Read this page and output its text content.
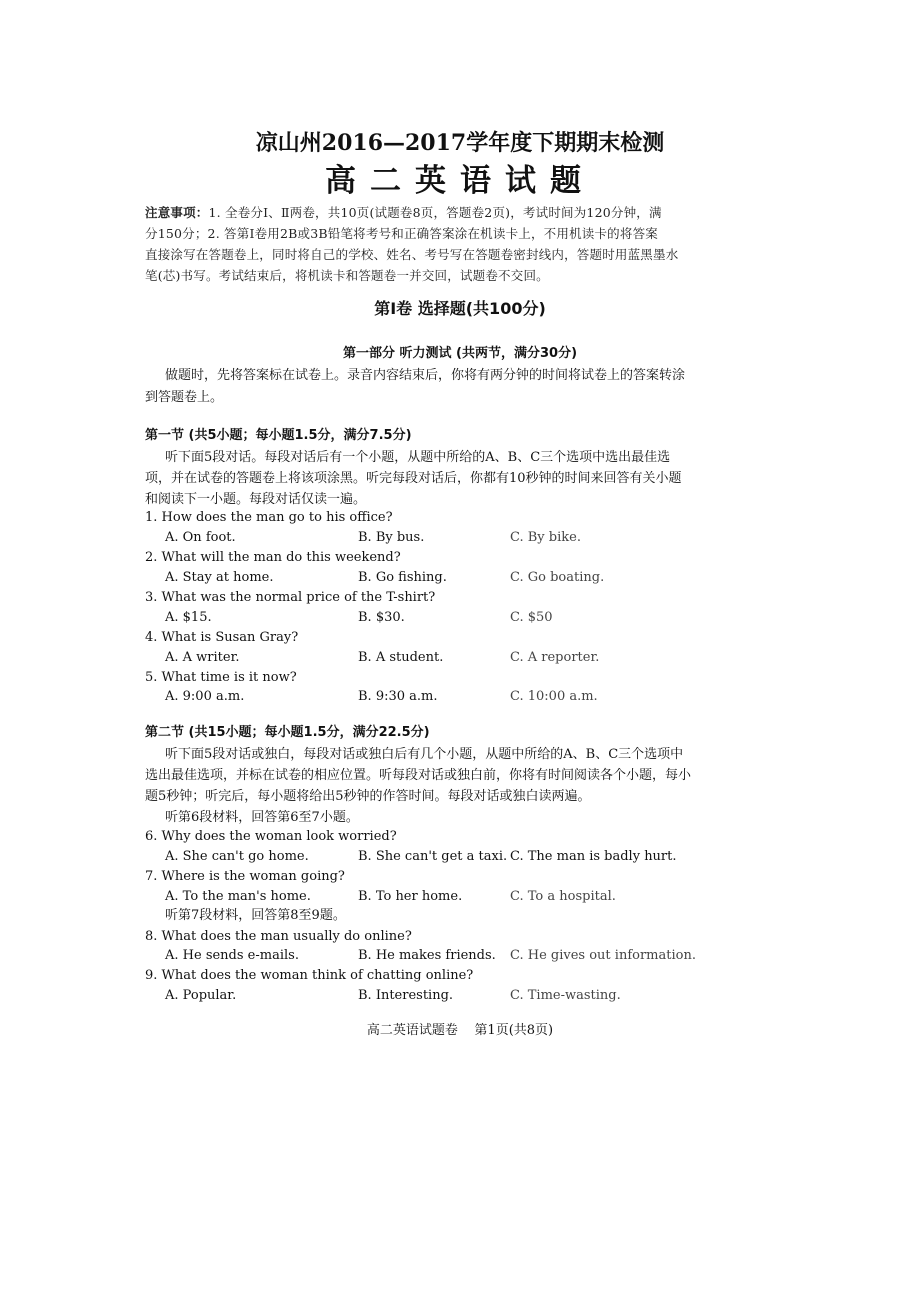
凉山州2016—2017学年度下期期末检测
高二英语试题
注意事项：1. 全卷分Ⅰ、Ⅱ两卷，共10页(试题卷8页，答题卷2页)，考试时间为120分钟，满
分150分；2. 答第Ⅰ卷用2B或3B铅笔将考号和正确答案涂在机读卡上，不用机读卡的将答案
直接涂写在答题卷上，同时将自己的学校、姓名、考号写在答题卷密封线内，答题时用蓝黑墨水
笔(芯)书写。考试结束后，将机读卡和答题卷一并交回，试题卷不交回。
第Ⅰ卷 选择题(共100分)
第一部分 听力测试 (共两节，满分30分)
做题时，先将答案标在试卷上。录音内容结束后，你将有两分钟的时间将试卷上的答案转涂
到答题卷上。
第一节 (共5小题；每小题1.5分，满分7.5分)
听下面5段对话。每段对话后有一个小题，从题中所给的A、B、C三个选项中选出最佳选
项，并在试卷的答题卷上将该项涂黑。听完每段对话后，你都有10秒钟的时间来回答有关小题
和阅读下一小题。每段对话仅读一遍。
1. How does the man go to his office?
A. On foot.	B. By bus.	C. By bike.
2. What will the man do this weekend?
A. Stay at home.	B. Go fishing.	C. Go boating.
3. What was the normal price of the T-shirt?
A. $15.	B. $30.	C. $50
4. What is Susan Gray?
A. A writer.	B. A student.	C. A reporter.
5. What time is it now?
A. 9:00 a.m.	B. 9:30 a.m.	C. 10:00 a.m.
第二节 (共15小题；每小题1.5分，满分22.5分)
听下面5段对话或独白，每段对话或独白后有几个小题，从题中所给的A、B、C三个选项中
选出最佳选项，并标在试卷的相应位置。听每段对话或独白前，你将有时间阅读各个小题，每小
题5秒钟；听完后，每小题将给出5秒钟的作答时间。每段对话或独白读两遍。
听第6段材料，回答第6至7小题。
6. Why does the woman look worried?
A. She can't go home.	B. She can't get a taxi. C. The man is badly hurt.
7. Where is the woman going?
A. To the man's home.	B. To her home.	C. To a hospital.
听第7段材料，回答第8至9题。
8. What does the man usually do online?
A. He sends e-mails.	B. He makes friends. C. He gives out information.
9. What does the woman think of chatting online?
A. Popular.	B. Interesting.	C. Time-wasting.
高二英语试题卷    第1页(共8页)
